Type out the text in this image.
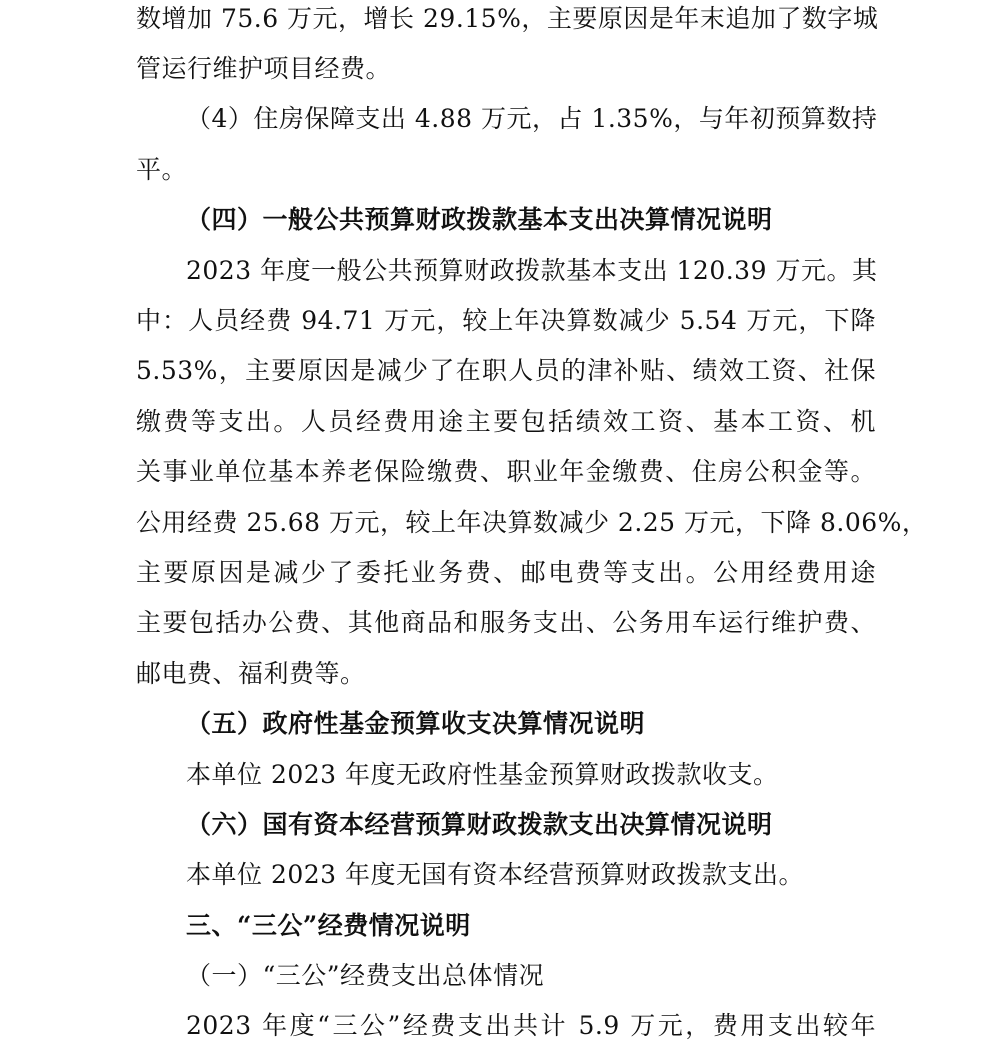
数增加 75.6 万元，增长 29.15%，主要原因是年末追加了数字城
管运行维护项目经费。
（4）住房保障支出 4.88 万元，占 1.35%，与年初预算数持
平。
（四）一般公共预算财政拨款基本支出决算情况说明
2023 年度一般公共预算财政拨款基本支出 120.39 万元。其
中：人员经费 94.71 万元，较上年决算数减少 5.54 万元，下降
5.53%，主要原因是减少了在职人员的津补贴、绩效工资、社保
缴费等支出。人员经费用途主要包括绩效工资、基本工资、机
关事业单位基本养老保险缴费、职业年金缴费、住房公积金等。
公用经费 25.68 万元，较上年决算数减少 2.25 万元，下降 8.06%，
主要原因是减少了委托业务费、邮电费等支出。公用经费用途
主要包括办公费、其他商品和服务支出、公务用车运行维护费、
邮电费、福利费等。
（五）政府性基金预算收支决算情况说明
本单位 2023 年度无政府性基金预算财政拨款收支。
（六）国有资本经营预算财政拨款支出决算情况说明
本单位 2023 年度无国有资本经营预算财政拨款支出。
三、“三公”经费情况说明
（一）“三公”经费支出总体情况
2023 年度“三公”经费支出共计 5.9 万元，费用支出较年
